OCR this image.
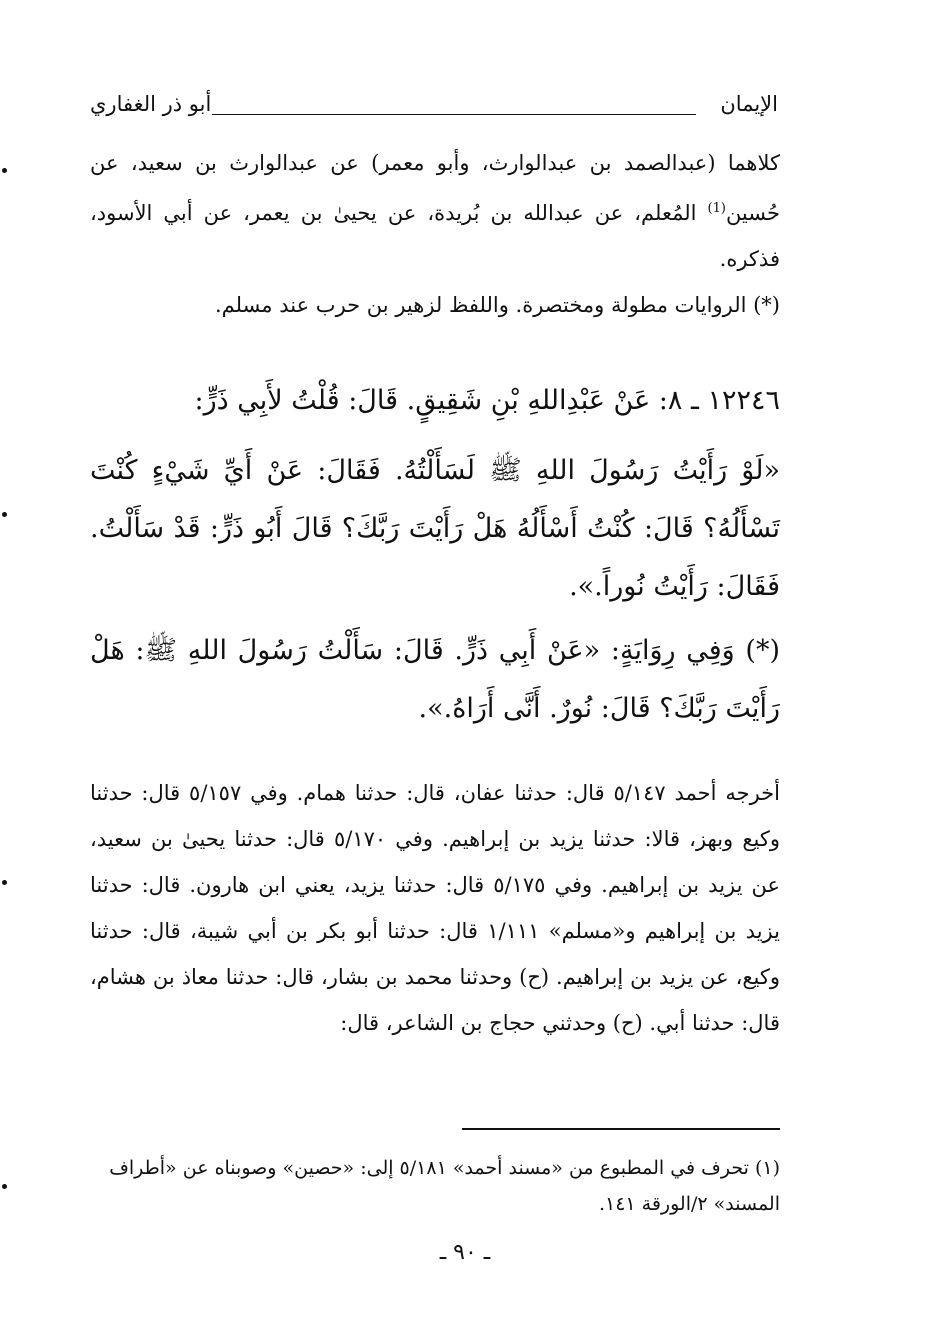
الإيمان
أبو ذر الغفاري

كلاهما (عبدالصمد بن عبدالوارث، وأبو معمر) عن عبدالوارث بن سعيد، عن حُسين$^{(1)}$ المُعلم، عن عبدالله بن بُريدة، عن يحيىٰ بن يعمر، عن أبي الأسود، فذكره.

(*) الروايات مطولة ومختصرة. واللفظ لزهير بن حرب عند مسلم.

١٢٢٤٦ ـ ٨: عَنْ عَبْدِاللهِ بْنِ شَقِيقٍ. قَالَ: قُلْتُ لأَبِي ذَرٍّ:

«لَوْ رَأَيْتُ رَسُولَ اللهِ ﷺ لَسَأَلْتُهُ. فَقَالَ: عَنْ أَيِّ شَيْءٍ كُنْتَ تَسْأَلُهُ؟ قَالَ: كُنْتُ أَسْأَلُهُ هَلْ رَأَيْتَ رَبَّكَ؟ قَالَ أَبُو ذَرٍّ: قَدْ سَأَلْتُ. فَقَالَ: رَأَيْتُ نُوراً.».

(*) وَفِي رِوَايَةٍ: «عَنْ أَبِي ذَرٍّ. قَالَ: سَأَلْتُ رَسُولَ اللهِ ﷺ: هَلْ رَأَيْتَ رَبَّكَ؟ قَالَ: نُورٌ. أَنَّى أَرَاهُ.».

أخرجه أحمد ٥/١٤٧ قال: حدثنا عفان، قال: حدثنا همام. وفي ٥/١٥٧ قال: حدثنا وكيع وبهز، قالا: حدثنا يزيد بن إبراهيم. وفي ٥/١٧٠ قال: حدثنا يحيىٰ بن سعيد، عن يزيد بن إبراهيم. وفي ٥/١٧٥ قال: حدثنا يزيد، يعني ابن هارون. قال: حدثنا يزيد بن إبراهيم و«مسلم» ١/١١١ قال: حدثنا أبو بكر بن أبي شيبة، قال: حدثنا وكيع، عن يزيد بن إبراهيم. (ح) وحدثنا محمد بن بشار، قال: حدثنا معاذ بن هشام، قال: حدثنا أبي. (ح) وحدثني حجاج بن الشاعر، قال:

(١) تحرف في المطبوع من «مسند أحمد» ٥/١٨١ إلى: «حصين» وصوبناه عن «أطراف المسند» ٢/الورقة ١٤١.

ـ ٩٠ ـ
